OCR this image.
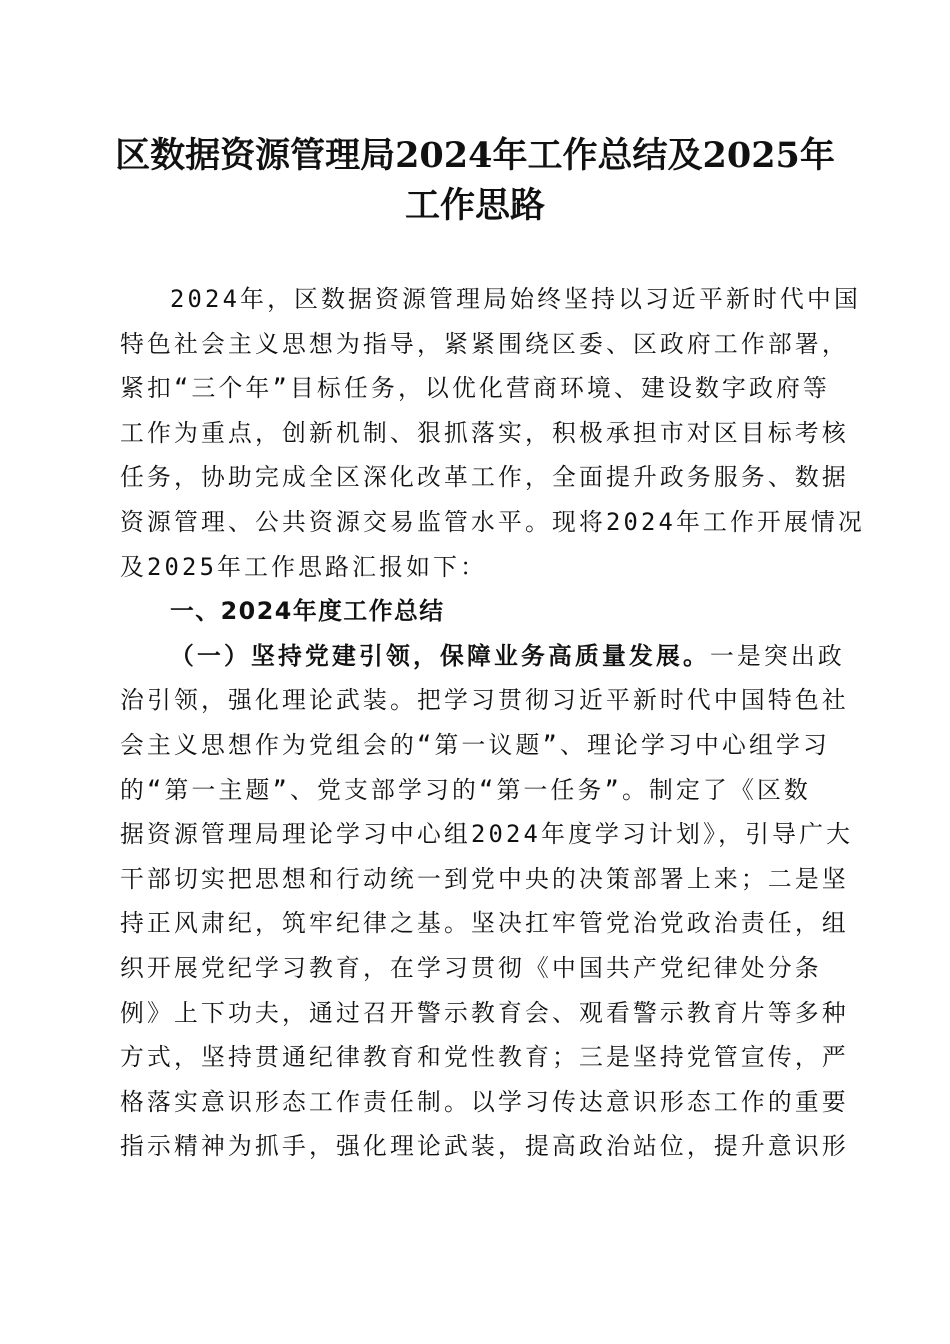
区数据资源管理局2024年工作总结及2025年
工作思路
2024年，区数据资源管理局始终坚持以习近平新时代中国
特色社会主义思想为指导，紧紧围绕区委、区政府工作部署，
紧扣“三个年”目标任务，以优化营商环境、建设数字政府等
工作为重点，创新机制、狠抓落实，积极承担市对区目标考核
任务，协助完成全区深化改革工作，全面提升政务服务、数据
资源管理、公共资源交易监管水平。现将2024年工作开展情况
及2025年工作思路汇报如下：
一、2024年度工作总结
（一）坚持党建引领，保障业务高质量发展。一是突出政
治引领，强化理论武装。把学习贯彻习近平新时代中国特色社
会主义思想作为党组会的“第一议题”、理论学习中心组学习
的“第一主题”、党支部学习的“第一任务”。制定了《区数
据资源管理局理论学习中心组2024年度学习计划》，引导广大
干部切实把思想和行动统一到党中央的决策部署上来；二是坚
持正风肃纪，筑牢纪律之基。坚决扛牢管党治党政治责任，组
织开展党纪学习教育，在学习贯彻《中国共产党纪律处分条
例》上下功夫，通过召开警示教育会、观看警示教育片等多种
方式，坚持贯通纪律教育和党性教育；三是坚持党管宣传，严
格落实意识形态工作责任制。以学习传达意识形态工作的重要
指示精神为抓手，强化理论武装，提高政治站位，提升意识形
